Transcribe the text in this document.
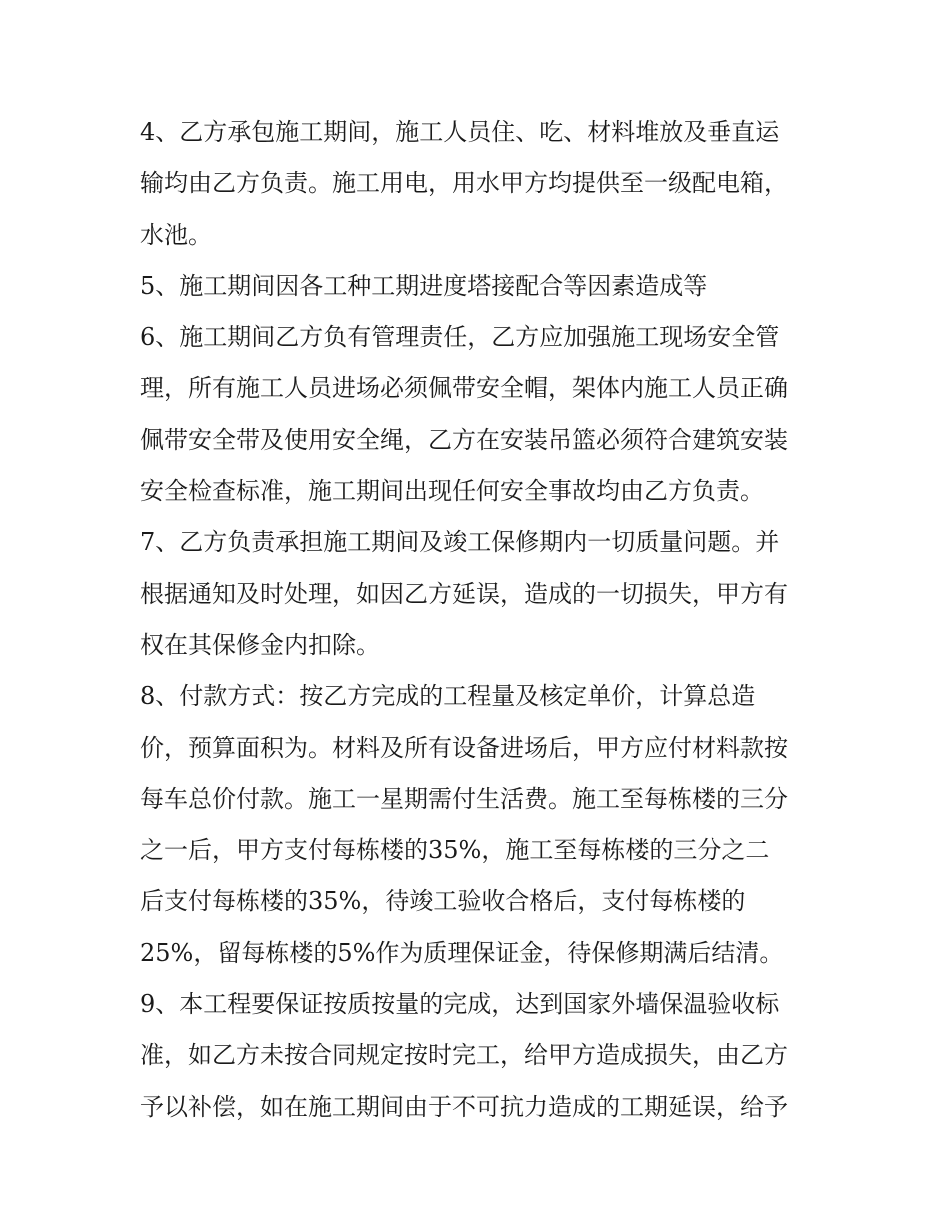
4、乙方承包施工期间，施工人员住、吃、材料堆放及垂直运
输均由乙方负责。施工用电，用水甲方均提供至一级配电箱，
水池。
5、施工期间因各工种工期进度塔接配合等因素造成等
6、施工期间乙方负有管理责任，乙方应加强施工现场安全管
理，所有施工人员进场必须佩带安全帽，架体内施工人员正确
佩带安全带及使用安全绳，乙方在安装吊篮必须符合建筑安装
安全检查标准，施工期间出现任何安全事故均由乙方负责。
7、乙方负责承担施工期间及竣工保修期内一切质量问题。并
根据通知及时处理，如因乙方延误，造成的一切损失，甲方有
权在其保修金内扣除。
8、付款方式：按乙方完成的工程量及核定单价，计算总造
价，预算面积为。材料及所有设备进场后，甲方应付材料款按
每车总价付款。施工一星期需付生活费。施工至每栋楼的三分
之一后，甲方支付每栋楼的35%，施工至每栋楼的三分之二
后支付每栋楼的35%，待竣工验收合格后，支付每栋楼的
25%，留每栋楼的5%作为质理保证金，待保修期满后结清。
9、本工程要保证按质按量的完成，达到国家外墙保温验收标
准，如乙方未按合同规定按时完工，给甲方造成损失，由乙方
予以补偿，如在施工期间由于不可抗力造成的工期延误，给予
